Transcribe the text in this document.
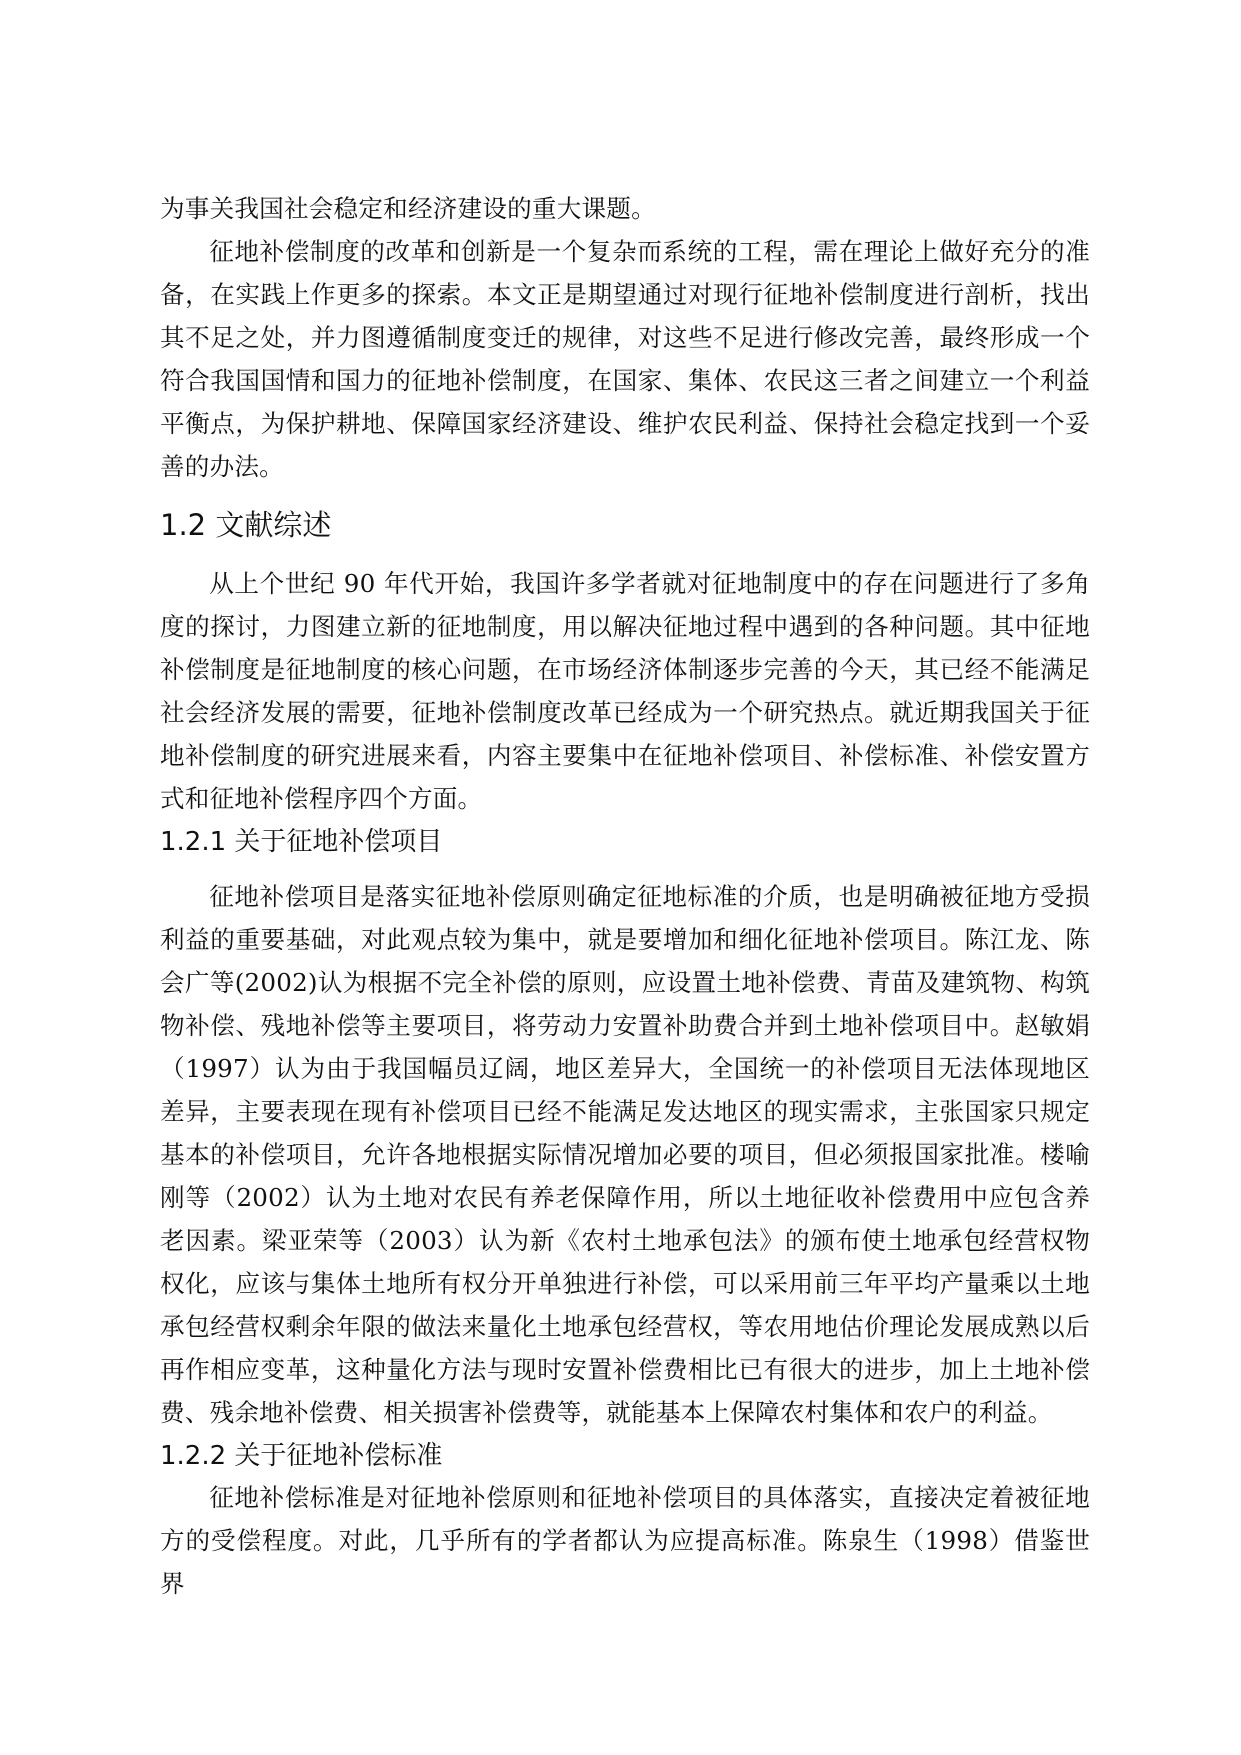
为事关我国社会稳定和经济建设的重大课题。

征地补偿制度的改革和创新是一个复杂而系统的工程，需在理论上做好充分的准备，在实践上作更多的探索。本文正是期望通过对现行征地补偿制度进行剖析，找出其不足之处，并力图遵循制度变迁的规律，对这些不足进行修改完善，最终形成一个符合我国国情和国力的征地补偿制度，在国家、集体、农民这三者之间建立一个利益平衡点，为保护耕地、保障国家经济建设、维护农民利益、保持社会稳定找到一个妥善的办法。

1.2 文献综述

从上个世纪 90 年代开始，我国许多学者就对征地制度中的存在问题进行了多角度的探讨，力图建立新的征地制度，用以解决征地过程中遇到的各种问题。其中征地补偿制度是征地制度的核心问题，在市场经济体制逐步完善的今天，其已经不能满足社会经济发展的需要，征地补偿制度改革已经成为一个研究热点。就近期我国关于征地补偿制度的研究进展来看，内容主要集中在征地补偿项目、补偿标准、补偿安置方式和征地补偿程序四个方面。

1.2.1 关于征地补偿项目

征地补偿项目是落实征地补偿原则确定征地标准的介质，也是明确被征地方受损利益的重要基础，对此观点较为集中，就是要增加和细化征地补偿项目。陈江龙、陈会广等(2002)认为根据不完全补偿的原则，应设置土地补偿费、青苗及建筑物、构筑物补偿、残地补偿等主要项目，将劳动力安置补助费合并到土地补偿项目中。赵敏娟（1997）认为由于我国幅员辽阔，地区差异大，全国统一的补偿项目无法体现地区差异，主要表现在现有补偿项目已经不能满足发达地区的现实需求，主张国家只规定基本的补偿项目，允许各地根据实际情况增加必要的项目，但必须报国家批准。楼喻刚等（2002）认为土地对农民有养老保障作用，所以土地征收补偿费用中应包含养老因素。梁亚荣等（2003）认为新《农村土地承包法》的颁布使土地承包经营权物权化，应该与集体土地所有权分开单独进行补偿，可以采用前三年平均产量乘以土地承包经营权剩余年限的做法来量化土地承包经营权，等农用地估价理论发展成熟以后再作相应变革，这种量化方法与现时安置补偿费相比已有很大的进步，加上土地补偿费、残余地补偿费、相关损害补偿费等，就能基本上保障农村集体和农户的利益。

1.2.2 关于征地补偿标准

征地补偿标准是对征地补偿原则和征地补偿项目的具体落实，直接决定着被征地方的受偿程度。对此，几乎所有的学者都认为应提高标准。陈泉生（1998）借鉴世界
